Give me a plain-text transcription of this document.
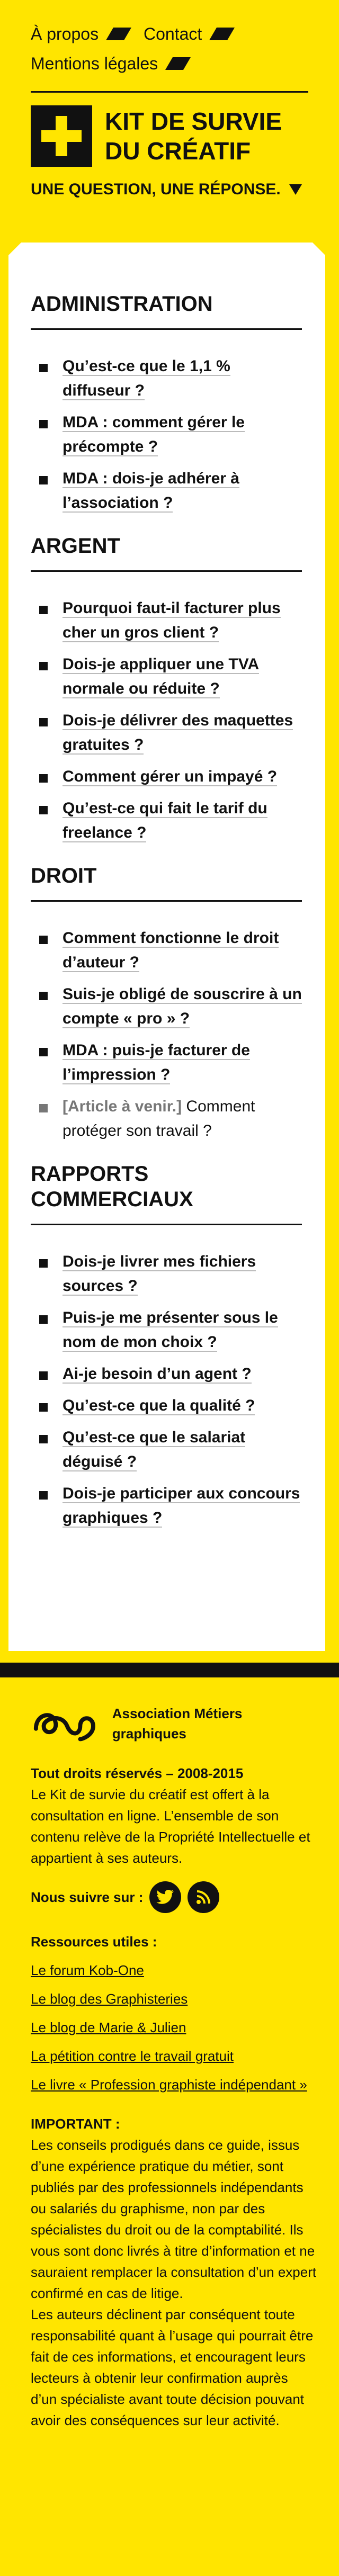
À propos
	Contact

Mentions légales
KIT DE SURVIE
DU CRÉATIF
UNE QUESTION, UNE RÉPONSE.
ADMINISTRATION
Qu’est-ce que le 1,1 % diffuseur ?
MDA : comment gérer le précompte ?
MDA : dois-je adhérer à l’association ?
ARGENT
Pourquoi faut-il facturer plus cher un gros client ?
Dois-je appliquer une TVA normale ou réduite ?
Dois-je délivrer des maquettes gratuites ?
Comment gérer un impayé ?
Qu’est-ce qui fait le tarif du freelance ?
DROIT
Comment fonctionne le droit d’auteur ?
Suis-je obligé de souscrire à un compte « pro » ?
MDA : puis-je facturer de l’impression ?
[Article à venir.] Comment protéger son travail ?
RAPPORTS COMMERCIAUX
Dois-je livrer mes fichiers sources ?
Puis-je me présenter sous le nom de mon choix ?
Ai-je besoin d’un agent ?
Qu’est-ce que la qualité ?
Qu’est-ce que le salariat déguisé ?
Dois-je participer aux concours graphiques ?
Association Métiers graphiques
Tout droits réservés – 2008-2015
Le Kit de survie du créatif est offert à la consultation en ligne. L’ensemble de son contenu relève de la Propriété Intellectuelle et appartient à ses auteurs.
Nous suivre sur :
Ressources utiles :
Le forum Kob-One
Le blog des Graphisteries
Le blog de Marie & Julien
La pétition contre le travail gratuit
Le livre « Profession graphiste indépendant »
IMPORTANT :
Les conseils prodigués dans ce guide, issus d’une expérience pratique du métier, sont publiés par des professionnels indépendants ou salariés du graphisme, non par des spécialistes du droit ou de la comptabilité. Ils vous sont donc livrés à titre d’information et ne sauraient remplacer la consultation d’un expert confirmé en cas de litige.
Les auteurs déclinent par conséquent toute responsabilité quant à l’usage qui pourrait être fait de ces informations, et encouragent leurs lecteurs à obtenir leur confirmation auprès d’un spécialiste avant toute décision pouvant avoir des conséquences sur leur activité.
